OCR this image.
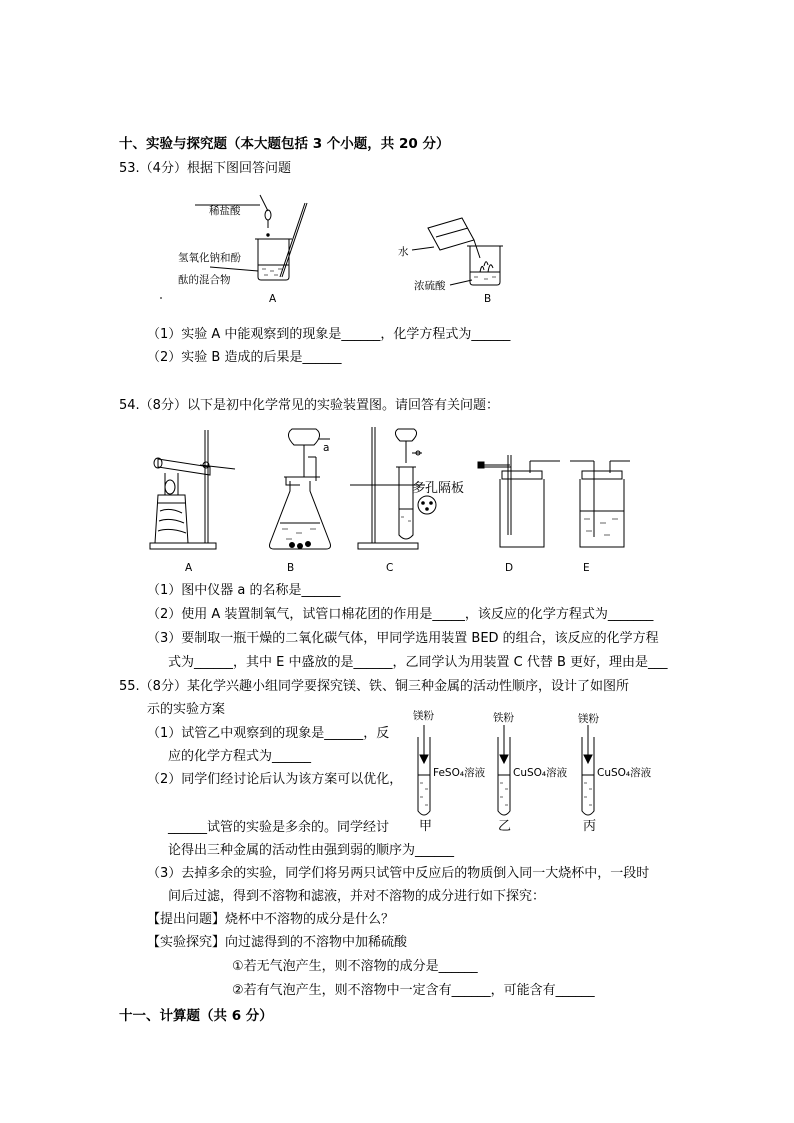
十、实验与探究题（本大题包括 3 个小题，共 20 分）
53.（4分）根据下图回答问题
稀盐酸
氢氧化钠和酚
酞的混合物
A
水
浓硫酸
B
（1）实验 A 中能观察到的现象是______，化学方程式为______
（2）实验 B 造成的后果是______
54.（8分）以下是初中化学常见的实验装置图。请回答有关问题：
a
多孔隔板
A	B	C	D	E
（1）图中仪器 a 的名称是______
（2）使用 A 装置制氧气，试管口棉花团的作用是_____，该反应的化学方程式为_______
（3）要制取一瓶干燥的二氧化碳气体，甲同学选用装置 BED 的组合，该反应的化学方程
式为______，其中 E 中盛放的是______，乙同学认为用装置 C 代替 B 更好，理由是___
55.（8分）某化学兴趣小组同学要探究镁、铁、铜三种金属的活动性顺序，设计了如图所
示的实验方案
（1）试管乙中观察到的现象是______，反
应的化学方程式为______
（2）同学们经讨论后认为该方案可以优化，
______试管的实验是多余的。同学经讨
论得出三种金属的活动性由强到弱的顺序为______
镁粉	铁粉	镁粉
FeSO₄溶液	CuSO₄溶液	CuSO₄溶液
甲	乙	丙
（3）去掉多余的实验，同学们将另两只试管中反应后的物质倒入同一大烧杯中，一段时
间后过滤，得到不溶物和滤液，并对不溶物的成分进行如下探究：
【提出问题】烧杯中不溶物的成分是什么？
【实验探究】向过滤得到的不溶物中加稀硫酸
①若无气泡产生，则不溶物的成分是______
②若有气泡产生，则不溶物中一定含有______，可能含有______
十一、计算题（共 6 分）
